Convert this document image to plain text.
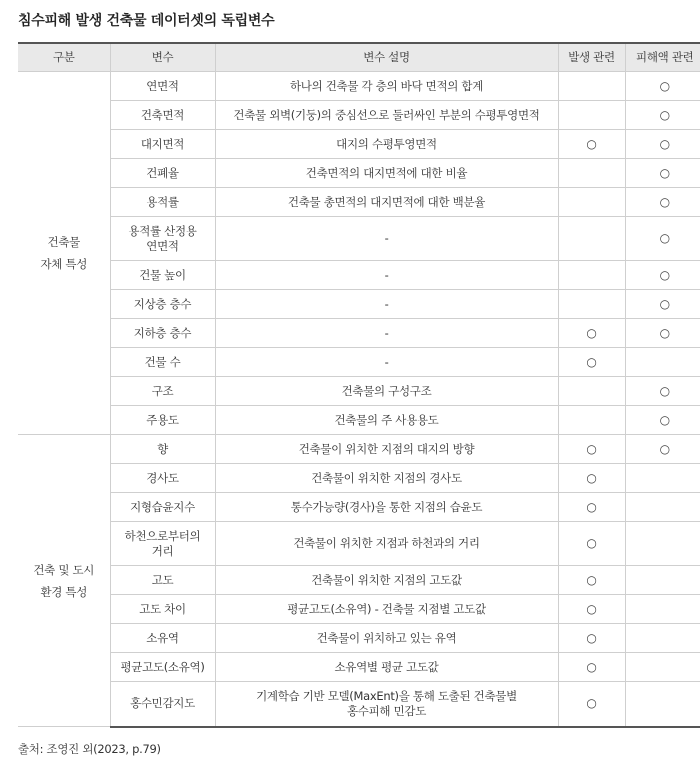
침수피해 발생 건축물 데이터셋의 독립변수
구분	변수	변수 설명	발생 관련	피해액 관련
건축물
자체 특성	연면적	하나의 건축물 각 층의 바닥 면적의 합계		○
	건축면적	건축물 외벽(기둥)의 중심선으로 둘러싸인 부분의 수평투영면적		○
	대지면적	대지의 수평투영면적	○	○
	건폐율	건축면적의 대지면적에 대한 비율		○
	용적률	건축물 총면적의 대지면적에 대한 백분율		○
	용적률 산정용
연면적	-		○
	건물 높이	-		○
	지상층 층수	-		○
	지하층 층수	-	○	○
	건물 수	-	○	
	구조	건축물의 구성구조		○
	주용도	건축물의 주 사용용도		○
건축 및 도시
환경 특성	향	건축물이 위치한 지점의 대지의 방향	○	○
	경사도	건축물이 위치한 지점의 경사도	○	
	지형습윤지수	통수가능량(경사)을 통한 지점의 습윤도	○	
	하천으로부터의
거리	건축물이 위치한 지점과 하천과의 거리	○	
	고도	건축물이 위치한 지점의 고도값	○	
	고도 차이	평균고도(소유역) - 건축물 지점별 고도값	○	
	소유역	건축물이 위치하고 있는 유역	○	
	평균고도(소유역)	소유역별 평균 고도값	○	
	홍수민감지도	기계학습 기반 모델(MaxEnt)을 통해 도출된 건축물별
홍수피해 민감도	○	
출처: 조영진 외(2023, p.79)
